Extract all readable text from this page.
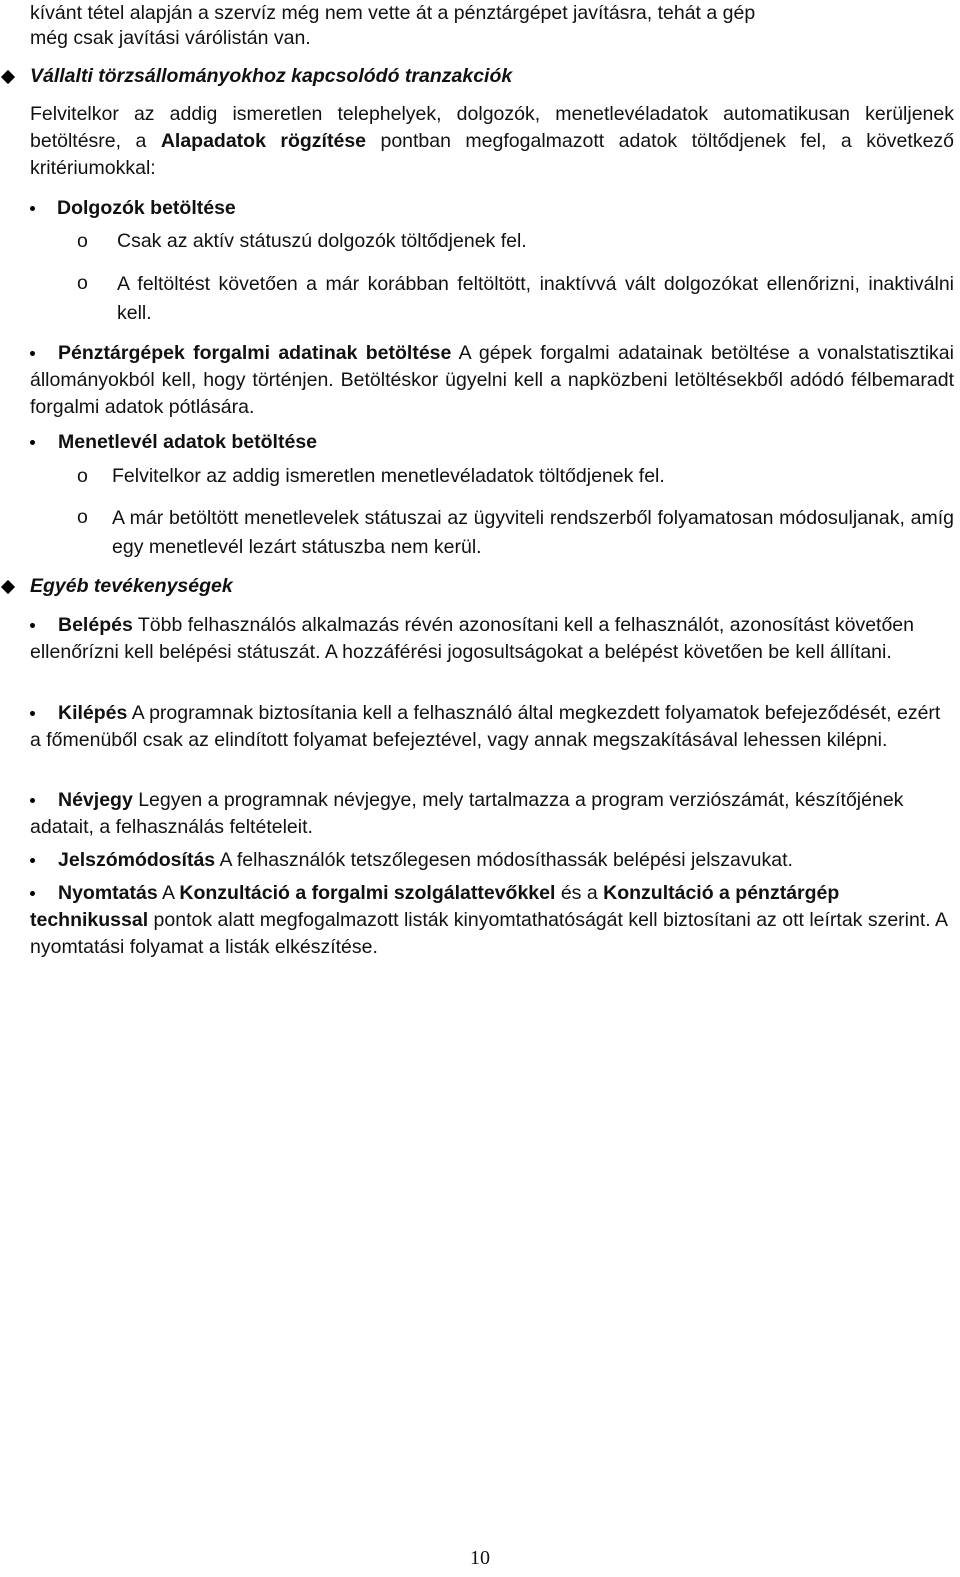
kívánt tétel alapján a szervíz még nem vette át a pénztárgépet javításra, tehát a gép

még csak javítási várólistán van.

Vállalti törzsállományokhoz kapcsolódó tranzakciók

Felvitelkor az addig ismeretlen telephelyek, dolgozók, menetlevéladatok automatikusan kerüljenek betöltésre, a Alapadatok rögzítése pontban megfogalmazott adatok töltődjenek fel, a következő kritériumokkal:

Dolgozók betöltése
o Csak az aktív státuszú dolgozók töltődjenek fel.
o A feltöltést követően a már korábban feltöltött, inaktívvá vált dolgozókat ellenőrizni, inaktiválni kell.

Pénztárgépek forgalmi adatinak betöltése A gépek forgalmi adatainak betöltése a vonalstatisztikai állományokból kell, hogy történjen. Betöltéskor ügyelni kell a napközbeni letöltésekből adódó félbemaradt forgalmi adatok pótlására.

Menetlevél adatok betöltése
o Felvitelkor az addig ismeretlen menetlevéladatok töltődjenek fel.
o A már betöltött menetlevelek státuszai az ügyviteli rendszerből folyamatosan módosuljanak, amíg egy menetlevél lezárt státuszba nem kerül.

Egyéb tevékenységek

Belépés Több felhasználós alkalmazás révén azonosítani kell a felhasználót, azonosítást követően ellenőrízni kell belépési státuszát. A hozzáférési jogosultságokat a belépést követően be kell állítani.

Kilépés A programnak biztosítania kell a felhasználó által megkezdett folyamatok befejeződését, ezért a főmenüből csak az elindított folyamat befejeztével, vagy annak megszakításával lehessen kilépni.

Névjegy Legyen a programnak névjegye, mely tartalmazza a program verziószámát, készítőjének adatait, a felhasználás feltételeit.

Jelszómódosítás A felhasználók tetszőlegesen módosíthassák belépési jelszavukat.

Nyomtatás A Konzultáció a forgalmi szolgálattevőkkel és a Konzultáció a pénztárgép technikussal pontok alatt megfogalmazott listák kinyomtathatóságát kell biztosítani az ott leírtak szerint. A nyomtatási folyamat a listák elkészítése.

10
